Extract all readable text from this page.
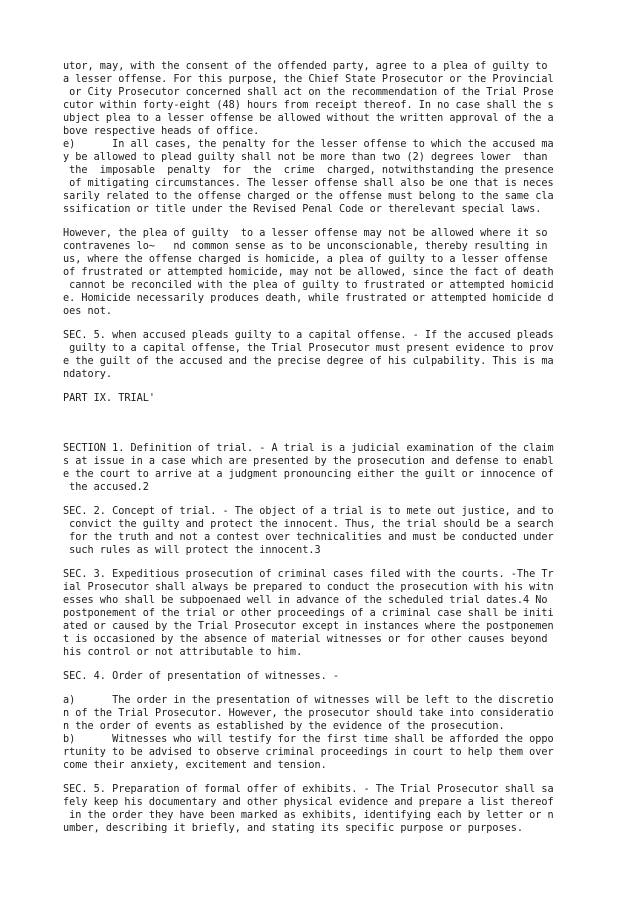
utor, may, with the consent of the offended party, agree to a plea of guilty to
a lesser offense. For this purpose, the Chief State Prosecutor or the Provincial
or City Prosecutor concerned shall act on the recommendation of the Trial Prose
cutor within forty-eight (48) hours from receipt thereof. In no case shall the s
ubject plea to a lesser offense be allowed without the written approval of the a
bove respective heads of office.
e)      In all cases, the penalty for the lesser offense to which the accused ma
y be allowed to plead guilty shall not be more than two (2) degrees lower  than
the  imposable  penalty  for  the  crime  charged, notwithstanding the presence
of mitigating circumstances. The lesser offense shall also be one that is neces
sarily related to the offense charged or the offense must belong to the same cla
ssification or title under the Revised Penal Code or therelevant special laws.
However, the plea of guilty  to a lesser offense may not be allowed where it so
contravenes lo~   nd common sense as to be unconscionable, thereby resulting in
us, where the offense charged is homicide, a plea of guilty to a lesser offense
of frustrated or attempted homicide, may not be allowed, since the fact of death
cannot be reconciled with the plea of guilty to frustrated or attempted homicid
e. Homicide necessarily produces death, while frustrated or attempted homicide d
oes not.
SEC. 5. when accused pleads guilty to a capital offense. - If the accused pleads
guilty to a capital offense, the Trial Prosecutor must present evidence to prov
e the guilt of the accused and the precise degree of his culpability. This is ma
ndatory.
PART IX. TRIAL'
SECTION 1. Definition of trial. - A trial is a judicial examination of the claim
s at issue in a case which are presented by the prosecution and defense to enabl
e the court to arrive at a judgment pronouncing either the guilt or innocence of
the accused.2
SEC. 2. Concept of trial. - The object of a trial is to mete out justice, and to
convict the guilty and protect the innocent. Thus, the trial should be a search
for the truth and not a contest over technicalities and must be conducted under
such rules as will protect the innocent.3
SEC. 3. Expeditious prosecution of criminal cases filed with the courts. -The Tr
ial Prosecutor shall always be prepared to conduct the prosecution with his witn
esses who shall be subpoenaed well in advance of the scheduled trial dates.4 No
postponement of the trial or other proceedings of a criminal case shall be initi
ated or caused by the Trial Prosecutor except in instances where the postponemen
t is occasioned by the absence of material witnesses or for other causes beyond
his control or not attributable to him.
SEC. 4. Order of presentation of witnesses. -
a)      The order in the presentation of witnesses will be left to the discretio
n of the Trial Prosecutor. However, the prosecutor should take into consideratio
n the order of events as established by the evidence of the prosecution.
b)      Witnesses who will testify for the first time shall be afforded the oppo
rtunity to be advised to observe criminal proceedings in court to help them over
come their anxiety, excitement and tension.
SEC. 5. Preparation of formal offer of exhibits. - The Trial Prosecutor shall sa
fely keep his documentary and other physical evidence and prepare a list thereof
in the order they have been marked as exhibits, identifying each by letter or n
umber, describing it briefly, and stating its specific purpose or purposes.
